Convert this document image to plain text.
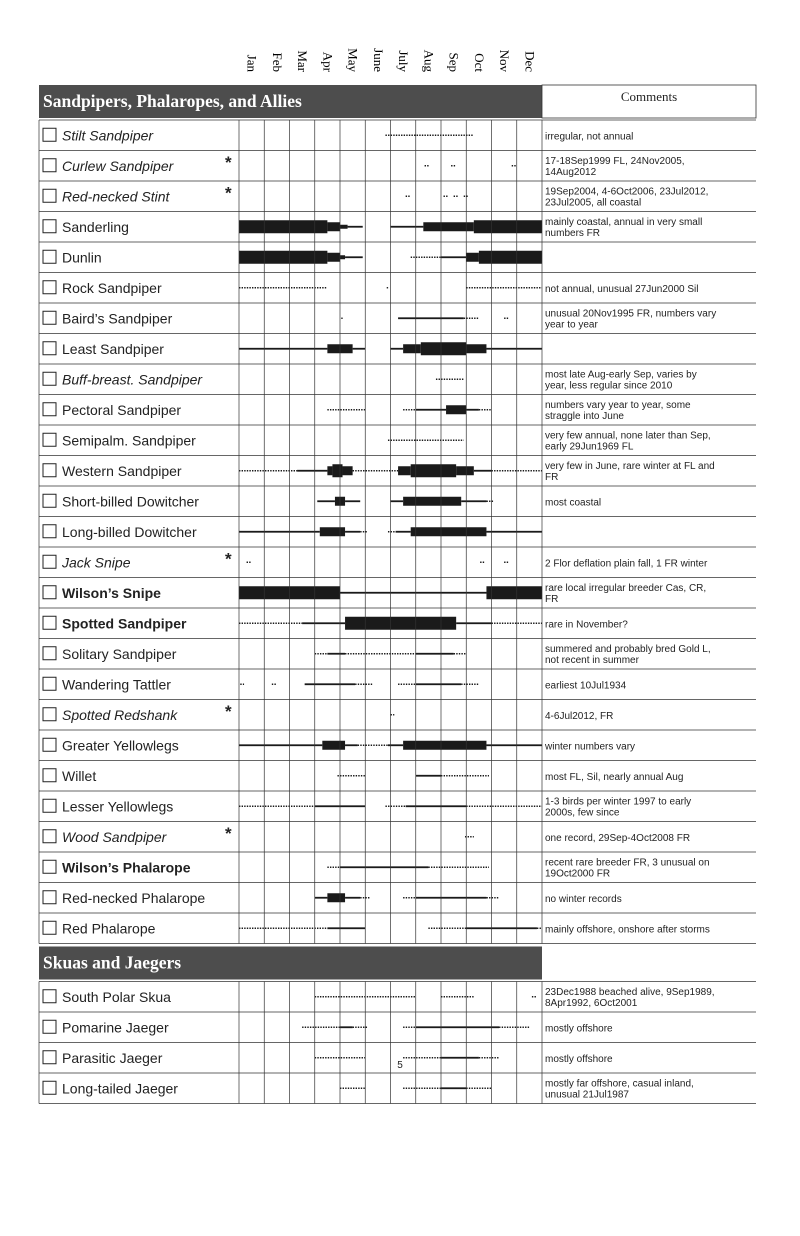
Jan Feb Mar Apr May June July Aug Sep Oct Nov Dec
Sandpipers, Phalaropes, and Allies	Comments
Stilt Sandpiper	irregular, not annual
Curlew Sandpiper	*	17-18Sep1999 FL, 24Nov2005,
14Aug2012
Red-necked Stint	*	19Sep2004, 4-6Oct2006, 23Jul2012,
23Jul2005, all coastal
Sanderling	mainly coastal, annual in very small
numbers FR
Dunlin
Rock Sandpiper	not annual, unusual 27Jun2000 Sil
Baird’s Sandpiper	unusual 20Nov1995 FR, numbers vary
year to year
Least Sandpiper
Buff-breast. Sandpiper	most late Aug-early Sep, varies by
year, less regular since 2010
Pectoral Sandpiper	numbers vary year to year, some
straggle into June
Semipalm. Sandpiper	very few annual, none later than Sep,
early 29Jun1969 FL
Western Sandpiper	very few in June, rare winter at FL and
FR
Short-billed Dowitcher	most coastal
Long-billed Dowitcher
Jack Snipe	*	2 Flor deflation plain fall, 1 FR winter
Wilson’s Snipe	rare local irregular breeder Cas, CR,
FR
Spotted Sandpiper	rare in November?
Solitary Sandpiper	summered and probably bred Gold L,
not recent in summer
Wandering Tattler	earliest 10Jul1934
Spotted Redshank	*	4-6Jul2012, FR
Greater Yellowlegs	winter numbers vary
Willet	most FL, Sil, nearly annual Aug
Lesser Yellowlegs	1-3 birds per winter 1997 to early
2000s, few since
Wood Sandpiper	*	one record, 29Sep-4Oct2008 FR
Wilson’s Phalarope	recent rare breeder FR, 3 unusual on
19Oct2000 FR
Red-necked Phalarope	no winter records
Red Phalarope	mainly offshore, onshore after storms
Skuas and Jaegers
South Polar Skua	23Dec1988 beached alive, 9Sep1989,
8Apr1992, 6Oct2001
Pomarine Jaeger	mostly offshore
Parasitic Jaeger	mostly offshore
Long-tailed Jaeger	mostly far offshore, casual inland,
unusual 21Jul1987
5
